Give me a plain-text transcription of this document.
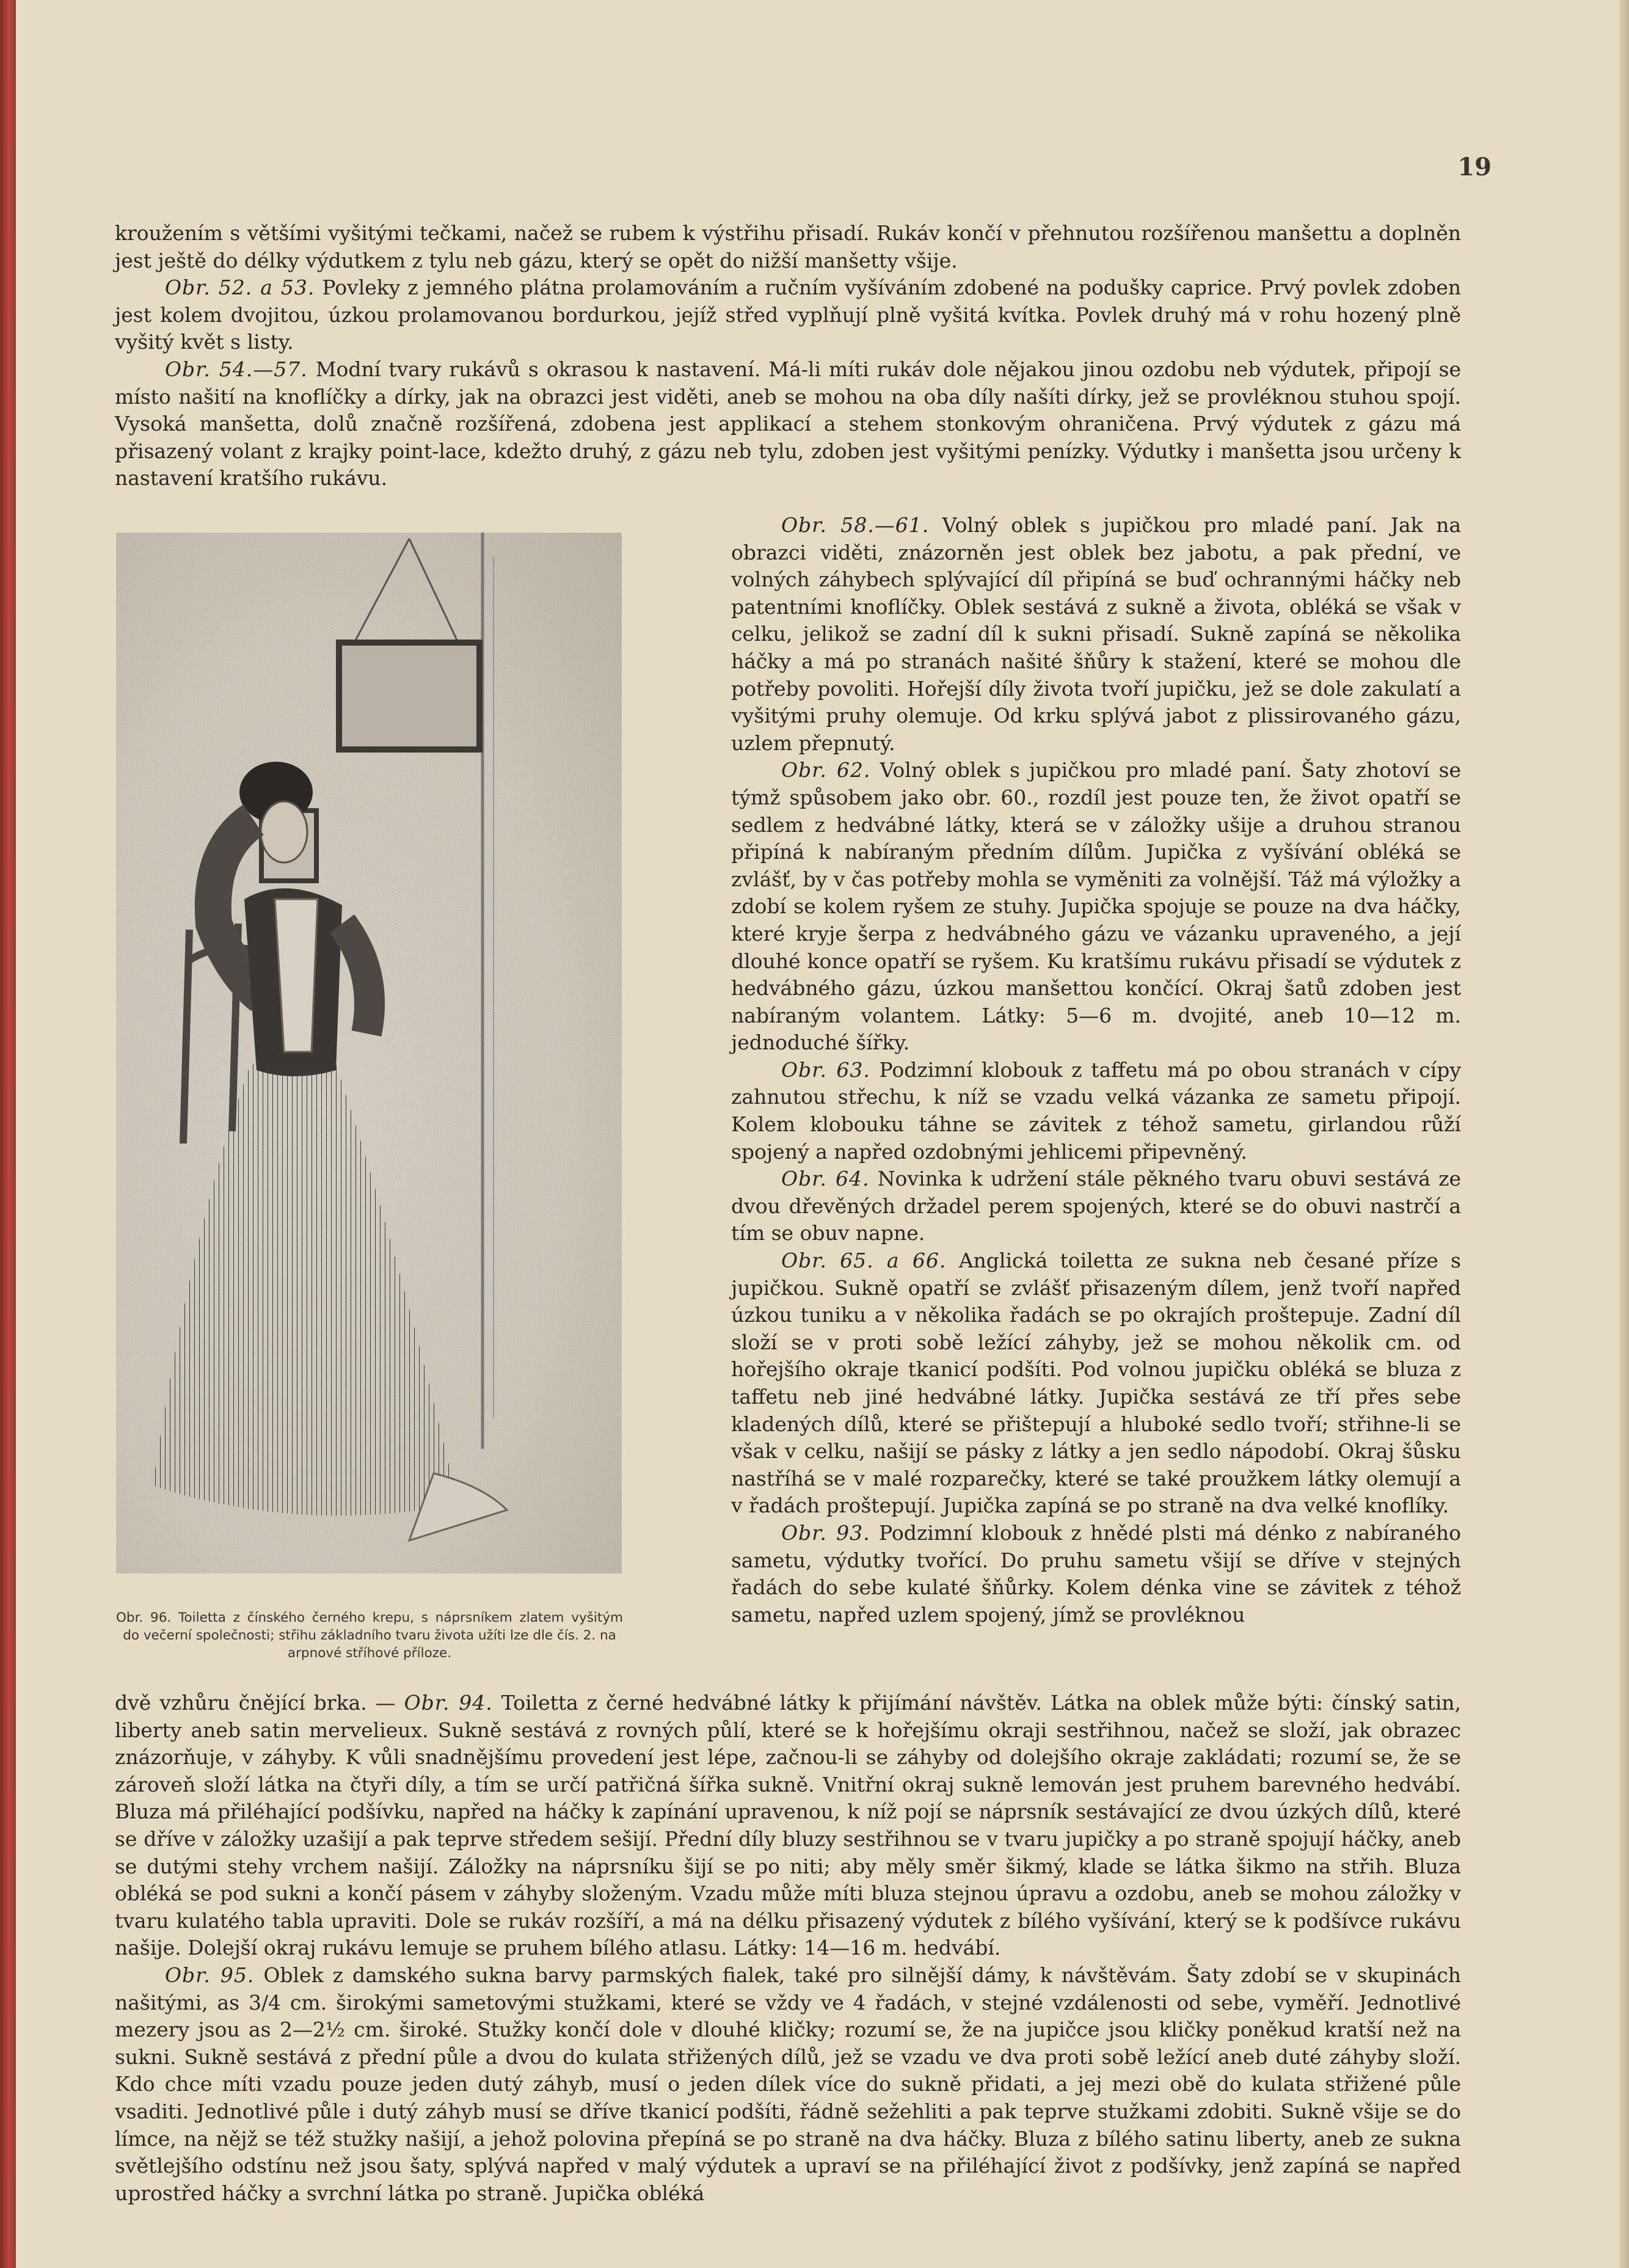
19

kroužením s většími vyšitými tečkami, načež se rubem k výstřihu přisadí. Rukáv končí v přehnutou rozšířenou manšettu a doplněn jest ještě do délky výdutkem z tylu neb gázu, který se opět do nižší manšetty všije.

Obr. 52. a 53. Povleky z jemného plátna prolamováním a ručním vyšíváním zdobené na podušky caprice. Prvý povlek zdoben jest kolem dvojitou, úzkou prolamovanou bordurkou, jejíž střed vyplňují plně vyšitá kvítka. Povlek druhý má v rohu hozený plně vyšitý květ s listy.

Obr. 54.—57. Modní tvary rukávů s okrasou k nastavení. Má-li míti rukáv dole nějakou jinou ozdobu neb výdutek, připojí se místo našití na knoflíčky a dírky, jak na obrazci jest viděti, aneb se mohou na oba díly našíti dírky, jež se provléknou stuhou spojí. Vysoká manšetta, dolů značně rozšířená, zdobena jest applikací a stehem stonkovým ohraničena. Prvý výdutek z gázu má přisazený volant z krajky point-lace, kdežto druhý, z gázu neb tylu, zdoben jest vyšitými penízky. Výdutky i manšetta jsou určeny k nastavení kratšího rukávu.

Obr. 96. Toiletta z čínského černého krepu, s náprsníkem zlatem vyšitým
do večerní společnosti; střihu základního tvaru života užíti lze dle čís. 2. na arpnové stříhové příloze.

Obr. 58.—61. Volný oblek s jupičkou pro mladé paní. Jak na obrazci viděti, znázorněn jest oblek bez jabotu, a pak přední, ve volných záhybech splývající díl připíná se buď ochrannými háčky neb patentními knoflíčky. Oblek sestává z sukně a života, obléká se však v celku, jelikož se zadní díl k sukni přisadí. Sukně zapíná se několika háčky a má po stranách našité šňůry k stažení, které se mohou dle potřeby povoliti. Hořejší díly života tvoří jupičku, jež se dole zakulatí a vyšitými pruhy olemuje. Od krku splývá jabot z plissirovaného gázu, uzlem přepnutý.

Obr. 62. Volný oblek s jupičkou pro mladé paní. Šaty zhotoví se týmž spůsobem jako obr. 60., rozdíl jest pouze ten, že život opatří se sedlem z hedvábné látky, která se v záložky ušije a druhou stranou připíná k nabíraným předním dílům. Jupička z vyšívání obléká se zvlášť, by v čas potřeby mohla se vyměniti za volnější. Táž má výložky a zdobí se kolem ryšem ze stuhy. Jupička spojuje se pouze na dva háčky, které kryje šerpa z hedvábného gázu ve vázanku upraveného, a její dlouhé konce opatří se ryšem. Ku kratšímu rukávu přisadí se výdutek z hedvábného gázu, úzkou manšettou končící. Okraj šatů zdoben jest nabíraným volantem. Látky: 5—6 m. dvojité, aneb 10—12 m. jednoduché šířky.

Obr. 63. Podzimní klobouk z taffetu má po obou stranách v cípy zahnutou střechu, k níž se vzadu velká vázanka ze sametu připojí. Kolem klobouku táhne se závitek z téhož sametu, girlandou růží spojený a napřed ozdobnými jehlicemi připevněný.

Obr. 64. Novinka k udržení stále pěkného tvaru obuvi sestává ze dvou dřevěných držadel perem spojených, které se do obuvi nastrčí a tím se obuv napne.

Obr. 65. a 66. Anglická toiletta ze sukna neb česané příze s jupičkou. Sukně opatří se zvlášť přisazeným dílem, jenž tvoří napřed úzkou tuniku a v několika řadách se po okrajích proštepuje. Zadní díl složí se v proti sobě ležící záhyby, jež se mohou několik cm. od hořejšího okraje tkanicí podšíti. Pod volnou jupičku obléká se bluza z taffetu neb jiné hedvábné látky. Jupička sestává ze tří přes sebe kladených dílů, které se přištepují a hluboké sedlo tvoří; střihne-li se však v celku, našijí se pásky z látky a jen sedlo nápodobí. Okraj šůsku nastříhá se v malé rozparečky, které se také proužkem látky olemují a v řadách proštepují. Jupička zapíná se po straně na dva velké knoflíky.

Obr. 93. Podzimní klobouk z hnědé plsti má dénko z nabíraného sametu, výdutky tvořící. Do pruhu sametu všijí se dříve v stejných řadách do sebe kulaté šňůrky. Kolem dénka vine se závitek z téhož sametu, napřed uzlem spojený, jímž se provléknou

dvě vzhůru čnějící brka. — Obr. 94. Toiletta z černé hedvábné látky k přijímání návštěv. Látka na oblek může býti: čínský satin, liberty aneb satin mervelieux. Sukně sestává z rovných půlí, které se k hořejšímu okraji sestřihnou, načež se složí, jak obrazec znázorňuje, v záhyby. K vůli snadnějšímu provedení jest lépe, začnou-li se záhyby od dolejšího okraje zakládati; rozumí se, že se zároveň složí látka na čtyři díly, a tím se určí patřičná šířka sukně. Vnitřní okraj sukně lemován jest pruhem barevného hedvábí. Bluza má přiléhající podšívku, napřed na háčky k zapínání upravenou, k níž pojí se náprsník sestávající ze dvou úzkých dílů, které se dříve v záložky uzašijí a pak teprve středem sešijí. Přední díly bluzy sestřihnou se v tvaru jupičky a po straně spojují háčky, aneb se dutými stehy vrchem našijí. Záložky na náprsníku šijí se po niti; aby měly směr šikmý, klade se látka šikmo na střih. Bluza obléká se pod sukni a končí pásem v záhyby složeným. Vzadu může míti bluza stejnou úpravu a ozdobu, aneb se mohou záložky v tvaru kulatého tabla upraviti. Dole se rukáv rozšíří, a má na délku přisazený výdutek z bílého vyšívání, který se k podšívce rukávu našije. Dolejší okraj rukávu lemuje se pruhem bílého atlasu. Látky: 14—16 m. hedvábí.

Obr. 95. Oblek z damského sukna barvy parmských fialek, také pro silnější dámy, k návštěvám. Šaty zdobí se v skupinách našitými, as 3/4 cm. širokými sametovými stužkami, které se vždy ve 4 řadách, v stejné vzdálenosti od sebe, vyměří. Jednotlivé mezery jsou as 2—2½ cm. široké. Stužky končí dole v dlouhé kličky; rozumí se, že na jupičce jsou kličky poněkud kratší než na sukni. Sukně sestává z přední půle a dvou do kulata střižených dílů, jež se vzadu ve dva proti sobě ležící aneb duté záhyby složí. Kdo chce míti vzadu pouze jeden dutý záhyb, musí o jeden dílek více do sukně přidati, a jej mezi obě do kulata střižené půle vsaditi. Jednotlivé půle i dutý záhyb musí se dříve tkanicí podšíti, řádně sežehliti a pak teprve stužkami zdobiti. Sukně všije se do límce, na nějž se též stužky našijí, a jehož polovina přepíná se po straně na dva háčky. Bluza z bílého satinu liberty, aneb ze sukna světlejšího odstínu než jsou šaty, splývá napřed v malý výdutek a upraví se na přiléhající život z podšívky, jenž zapíná se napřed uprostřed háčky a svrchní látka po straně. Jupička obléká
